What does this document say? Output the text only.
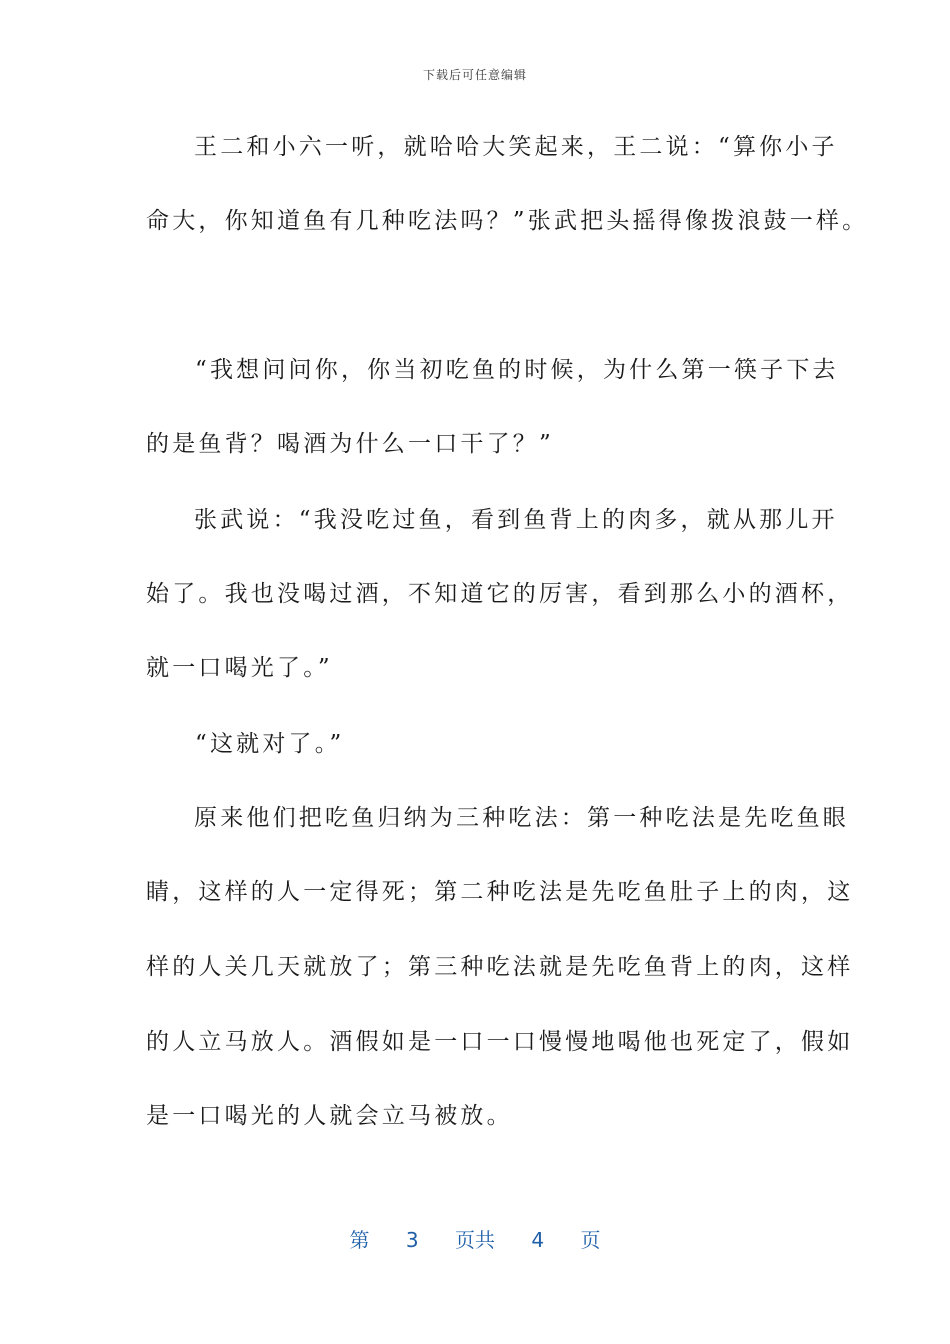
下载后可任意编辑
王二和小六一听，就哈哈大笑起来，王二说：“算你小子
命大，你知道鱼有几种吃法吗？”张武把头摇得像拨浪鼓一样。
“我想问问你，你当初吃鱼的时候，为什么第一筷子下去
的是鱼背？喝酒为什么一口干了？”
张武说：“我没吃过鱼，看到鱼背上的肉多，就从那儿开
始了。我也没喝过酒，不知道它的厉害，看到那么小的酒杯，
就一口喝光了。”
“这就对了。”
原来他们把吃鱼归纳为三种吃法：第一种吃法是先吃鱼眼
睛，这样的人一定得死；第二种吃法是先吃鱼肚子上的肉，这
样的人关几天就放了；第三种吃法就是先吃鱼背上的肉，这样
的人立马放人。酒假如是一口一口慢慢地喝他也死定了，假如
是一口喝光的人就会立马被放。
第 3 页共 4 页
